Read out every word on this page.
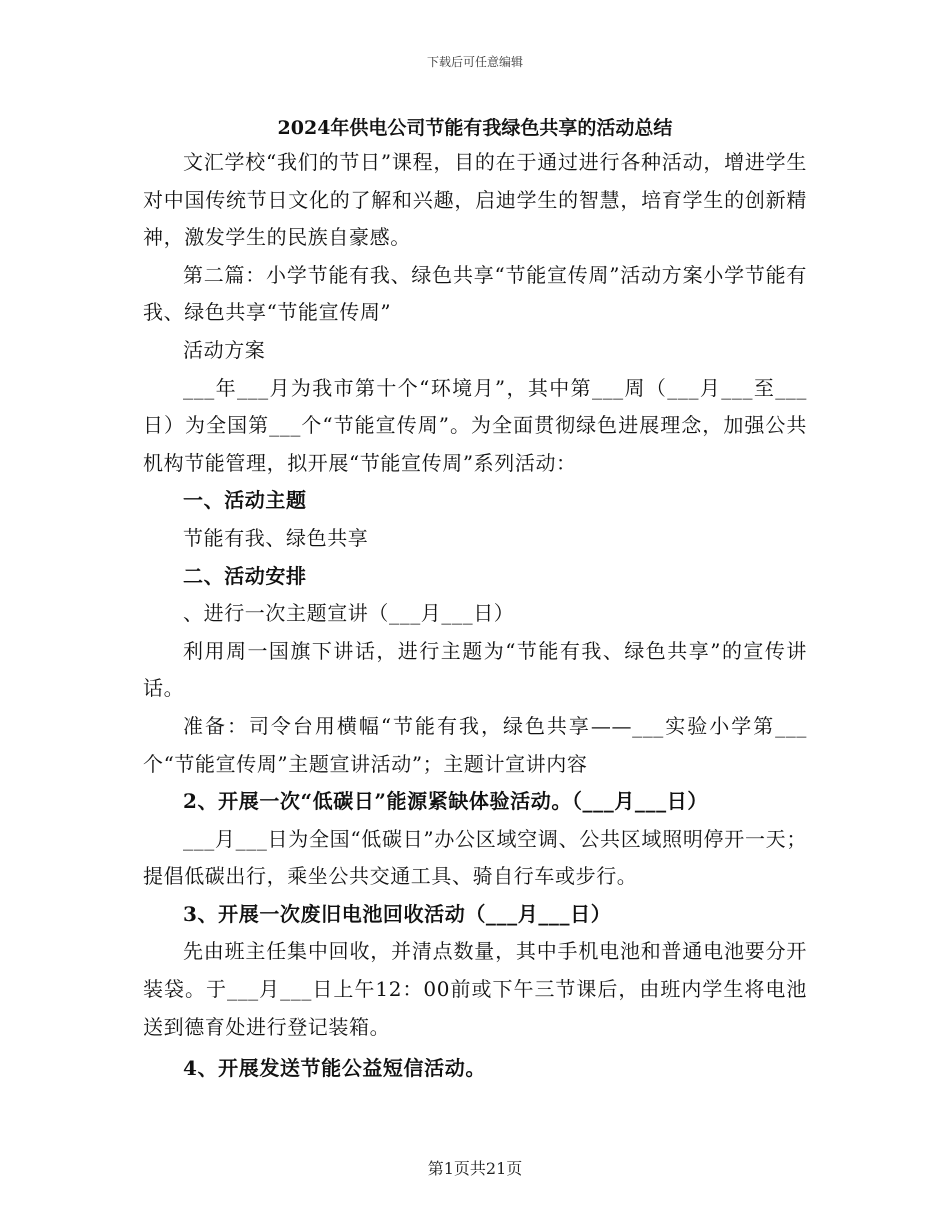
下载后可任意编辑
2024年供电公司节能有我绿色共享的活动总结

文汇学校“我们的节日”课程，目的在于通过进行各种活动，增进学生对中国传统节日文化的了解和兴趣，启迪学生的智慧，培育学生的创新精神，激发学生的民族自豪感。

第二篇：小学节能有我、绿色共享“节能宣传周”活动方案小学节能有我、绿色共享“节能宣传周”

活动方案

___年___月为我市第十个“环境月”，其中第___周（___月___至___日）为全国第___个“节能宣传周”。为全面贯彻绿色进展理念，加强公共机构节能管理，拟开展“节能宣传周”系列活动：

一、活动主题

节能有我、绿色共享

二、活动安排

、进行一次主题宣讲（___月___日）

利用周一国旗下讲话，进行主题为“节能有我、绿色共享”的宣传讲话。

准备：司令台用横幅“节能有我，绿色共享——___实验小学第___个“节能宣传周”主题宣讲活动”；主题计宣讲内容

2、开展一次“低碳日”能源紧缺体验活动。（___月___日）

___月___日为全国“低碳日”办公区域空调、公共区域照明停开一天；提倡低碳出行，乘坐公共交通工具、骑自行车或步行。

3、开展一次废旧电池回收活动（___月___日）

先由班主任集中回收，并清点数量，其中手机电池和普通电池要分开装袋。于___月___日上午12：00前或下午三节课后，由班内学生将电池送到德育处进行登记装箱。

4、开展发送节能公益短信活动。

第1页共21页
